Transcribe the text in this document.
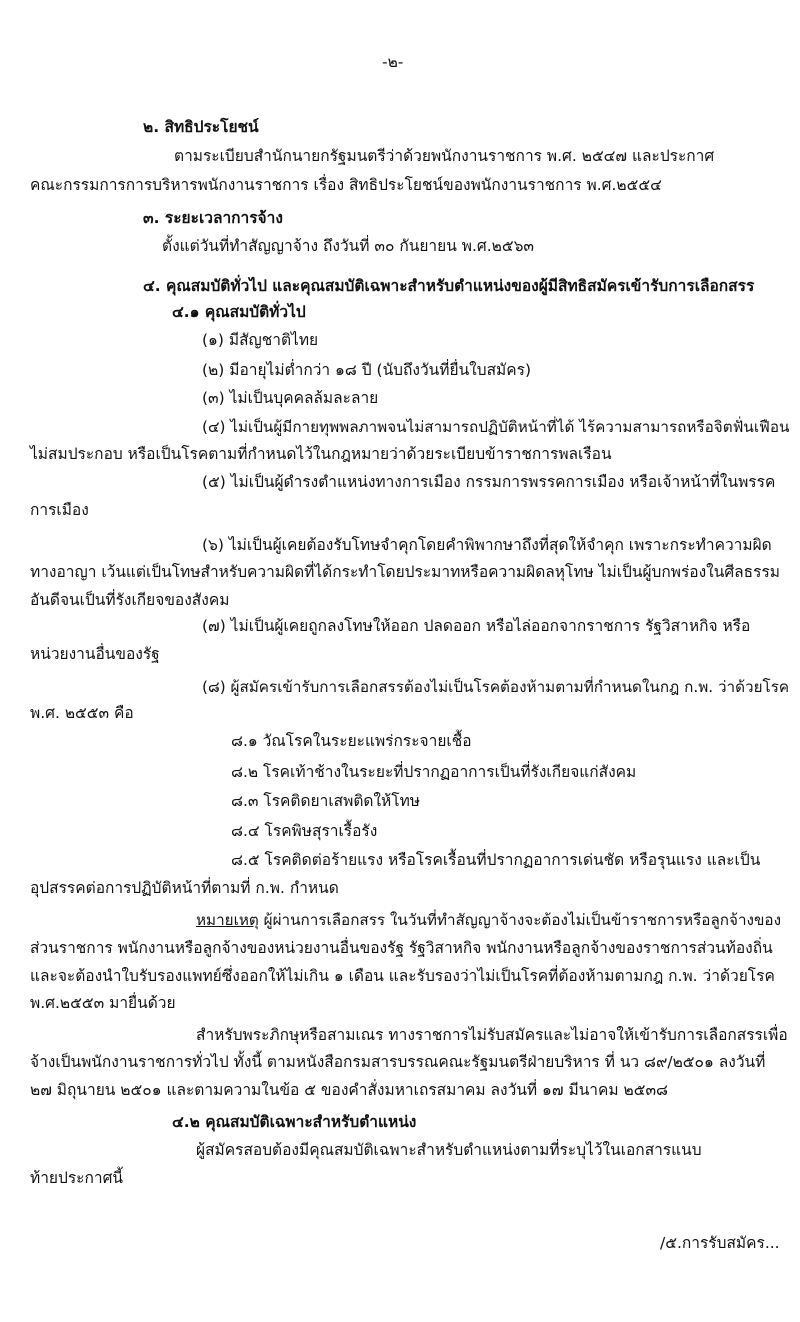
-๒-
๒. สิทธิประโยชน์
ตามระเบียบสำนักนายกรัฐมนตรีว่าด้วยพนักงานราชการ พ.ศ. ๒๕๔๗ และประกาศ
คณะกรรมการการบริหารพนักงานราชการ เรื่อง สิทธิประโยชน์ของพนักงานราชการ พ.ศ.๒๕๕๔
๓. ระยะเวลาการจ้าง
ตั้งแต่วันที่ทำสัญญาจ้าง ถึงวันที่ ๓๐ กันยายน พ.ศ.๒๕๖๓
๔. คุณสมบัติทั่วไป และคุณสมบัติเฉพาะสำหรับตำแหน่งของผู้มีสิทธิสมัครเข้ารับการเลือกสรร
๔.๑ คุณสมบัติทั่วไป
(๑) มีสัญชาติไทย
(๒) มีอายุไม่ต่ำกว่า ๑๘ ปี (นับถึงวันที่ยื่นใบสมัคร)
(๓) ไม่เป็นบุคคลล้มละลาย
(๔) ไม่เป็นผู้มีกายทุพพลภาพจนไม่สามารถปฏิบัติหน้าที่ได้ ไร้ความสามารถหรือจิตฟั่นเฟือน
ไม่สมประกอบ หรือเป็นโรคตามที่กำหนดไว้ในกฎหมายว่าด้วยระเบียบข้าราชการพลเรือน
(๕) ไม่เป็นผู้ดำรงตำแหน่งทางการเมือง กรรมการพรรคการเมือง หรือเจ้าหน้าที่ในพรรค
การเมือง
(๖) ไม่เป็นผู้เคยต้องรับโทษจำคุกโดยคำพิพากษาถึงที่สุดให้จำคุก เพราะกระทำความผิด
ทางอาญา เว้นแต่เป็นโทษสำหรับความผิดที่ได้กระทำโดยประมาทหรือความผิดลหุโทษ ไม่เป็นผู้บกพร่องในศีลธรรม
อันดีจนเป็นที่รังเกียจของสังคม
(๗) ไม่เป็นผู้เคยถูกลงโทษให้ออก ปลดออก หรือไล่ออกจากราชการ รัฐวิสาหกิจ หรือ
หน่วยงานอื่นของรัฐ
(๘) ผู้สมัครเข้ารับการเลือกสรรต้องไม่เป็นโรคต้องห้ามตามที่กำหนดในกฎ ก.พ. ว่าด้วยโรค
พ.ศ. ๒๕๕๓ คือ
๘.๑ วัณโรคในระยะแพร่กระจายเชื้อ
๘.๒ โรคเท้าช้างในระยะที่ปรากฏอาการเป็นที่รังเกียจแก่สังคม
๘.๓ โรคติดยาเสพติดให้โทษ
๘.๔ โรคพิษสุราเรื้อรัง
๘.๕ โรคติดต่อร้ายแรง หรือโรคเรื้อนที่ปรากฏอาการเด่นชัด หรือรุนแรง และเป็น
อุปสรรคต่อการปฏิบัติหน้าที่ตามที่ ก.พ. กำหนด
หมายเหตุ ผู้ผ่านการเลือกสรร ในวันที่ทำสัญญาจ้างจะต้องไม่เป็นข้าราชการหรือลูกจ้างของ
ส่วนราชการ พนักงานหรือลูกจ้างของหน่วยงานอื่นของรัฐ รัฐวิสาหกิจ พนักงานหรือลูกจ้างของราชการส่วนท้องถิ่น
และจะต้องนำใบรับรองแพทย์ซึ่งออกให้ไม่เกิน ๑ เดือน และรับรองว่าไม่เป็นโรคที่ต้องห้ามตามกฎ ก.พ. ว่าด้วยโรค
พ.ศ.๒๕๕๓ มายื่นด้วย
สำหรับพระภิกษุหรือสามเณร ทางราชการไม่รับสมัครและไม่อาจให้เข้ารับการเลือกสรรเพื่อ
จ้างเป็นพนักงานราชการทั่วไป ทั้งนี้ ตามหนังสือกรมสารบรรณคณะรัฐมนตรีฝ่ายบริหาร ที่ นว ๘๙/๒๕๐๑ ลงวันที่
๒๗ มิถุนายน ๒๕๐๑ และตามความในข้อ ๕ ของคำสั่งมหาเถรสมาคม ลงวันที่ ๑๗ มีนาคม ๒๕๓๘
๔.๒ คุณสมบัติเฉพาะสำหรับตำแหน่ง
ผู้สมัครสอบต้องมีคุณสมบัติเฉพาะสำหรับตำแหน่งตามที่ระบุไว้ในเอกสารแนบ
ท้ายประกาศนี้
/๕.การรับสมัคร...
